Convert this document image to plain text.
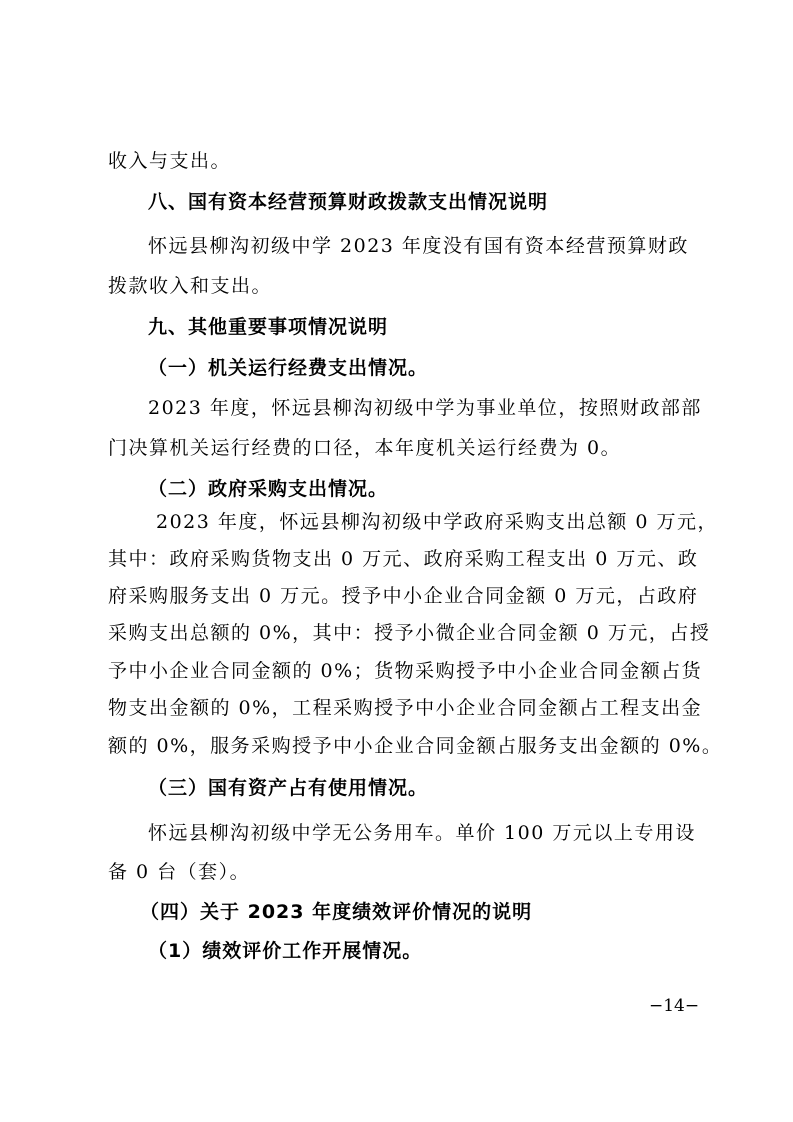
收入与支出。
八、国有资本经营预算财政拨款支出情况说明
怀远县柳沟初级中学 2023 年度没有国有资本经营预算财政
拨款收入和支出。
九、其他重要事项情况说明
（一）机关运行经费支出情况。
2023 年度，怀远县柳沟初级中学为事业单位，按照财政部部
门决算机关运行经费的口径，本年度机关运行经费为 0。
（二）政府采购支出情况。
2023 年度，怀远县柳沟初级中学政府采购支出总额 0 万元，
其中：政府采购货物支出 0 万元、政府采购工程支出 0 万元、政
府采购服务支出 0 万元。授予中小企业合同金额 0 万元，占政府
采购支出总额的 0%，其中：授予小微企业合同金额 0 万元，占授
予中小企业合同金额的 0%；货物采购授予中小企业合同金额占货
物支出金额的 0%，工程采购授予中小企业合同金额占工程支出金
额的 0%，服务采购授予中小企业合同金额占服务支出金额的 0%。
（三）国有资产占有使用情况。
怀远县柳沟初级中学无公务用车。单价 100 万元以上专用设
备 0 台（套）。
（四）关于 2023 年度绩效评价情况的说明
（1）绩效评价工作开展情况。
−14−
